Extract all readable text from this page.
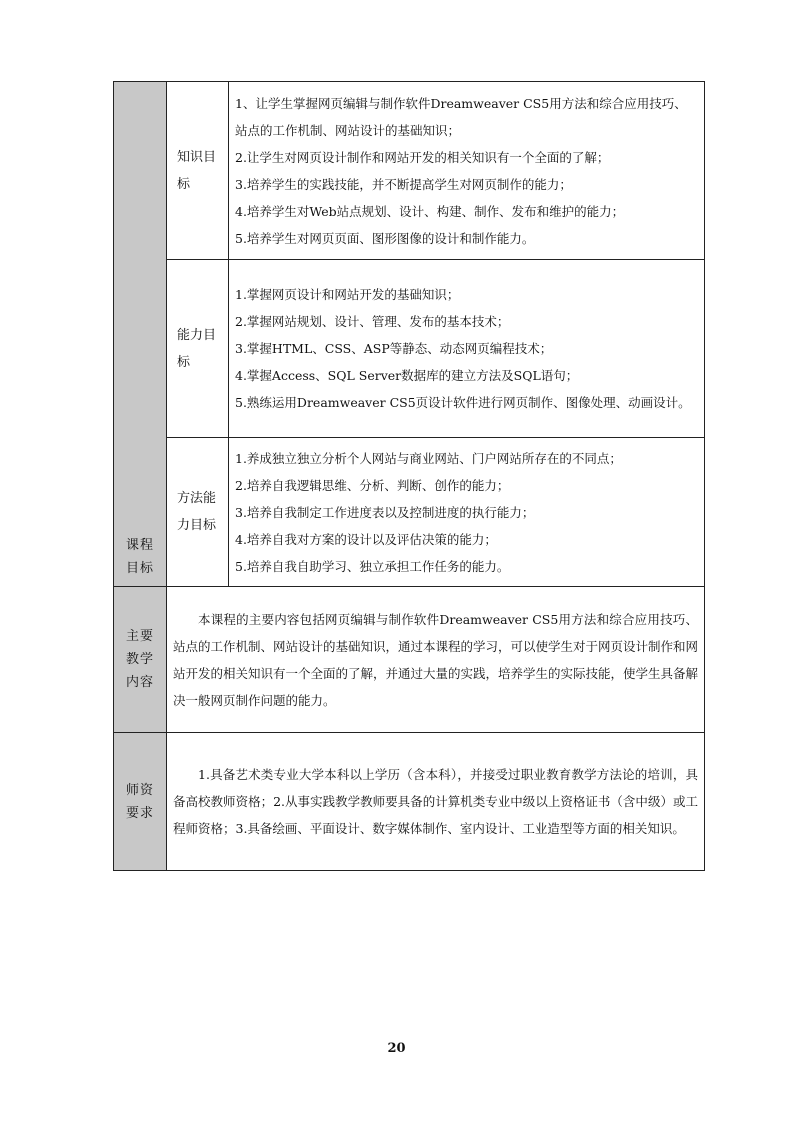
课程目标	知识目标	1、让学生掌握网页编辑与制作软件Dreamweaver CS5用方法和综合应用技巧、站点的工作机制、网站设计的基础知识；
2.让学生对网页设计制作和网站开发的相关知识有一个全面的了解；
3.培养学生的实践技能，并不断提高学生对网页制作的能力；
4.培养学生对Web站点规划、设计、构建、制作、发布和维护的能力；
5.培养学生对网页页面、图形图像的设计和制作能力。

	能力目标	1.掌握网页设计和网站开发的基础知识；
2.掌握网站规划、设计、管理、发布的基本技术；
3.掌握HTML、CSS、ASP等静态、动态网页编程技术；
4.掌握Access、SQL Server数据库的建立方法及SQL语句；
5.熟练运用Dreamweaver CS5页设计软件进行网页制作、图像处理、动画设计。

	方法能力目标	1.养成独立独立分析个人网站与商业网站、门户网站所存在的不同点；
2.培养自我逻辑思维、分析、判断、创作的能力；
3.培养自我制定工作进度表以及控制进度的执行能力；
4.培养自我对方案的设计以及评估决策的能力；
5.培养自我自助学习、独立承担工作任务的能力。

主要教学内容	本课程的主要内容包括网页编辑与制作软件Dreamweaver CS5用方法和综合应用技巧、站点的工作机制、网站设计的基础知识，通过本课程的学习，可以使学生对于网页设计制作和网站开发的相关知识有一个全面的了解，并通过大量的实践，培养学生的实际技能，使学生具备解决一般网页制作问题的能力。	

师资要求	1.具备艺术类专业大学本科以上学历（含本科），并接受过职业教育教学方法论的培训，具备高校教师资格；2.从事实践教学教师要具备的计算机类专业中级以上资格证书（含中级）或工程师资格；3.具备绘画、平面设计、数字媒体制作、室内设计、工业造型等方面的相关知识。	
20
